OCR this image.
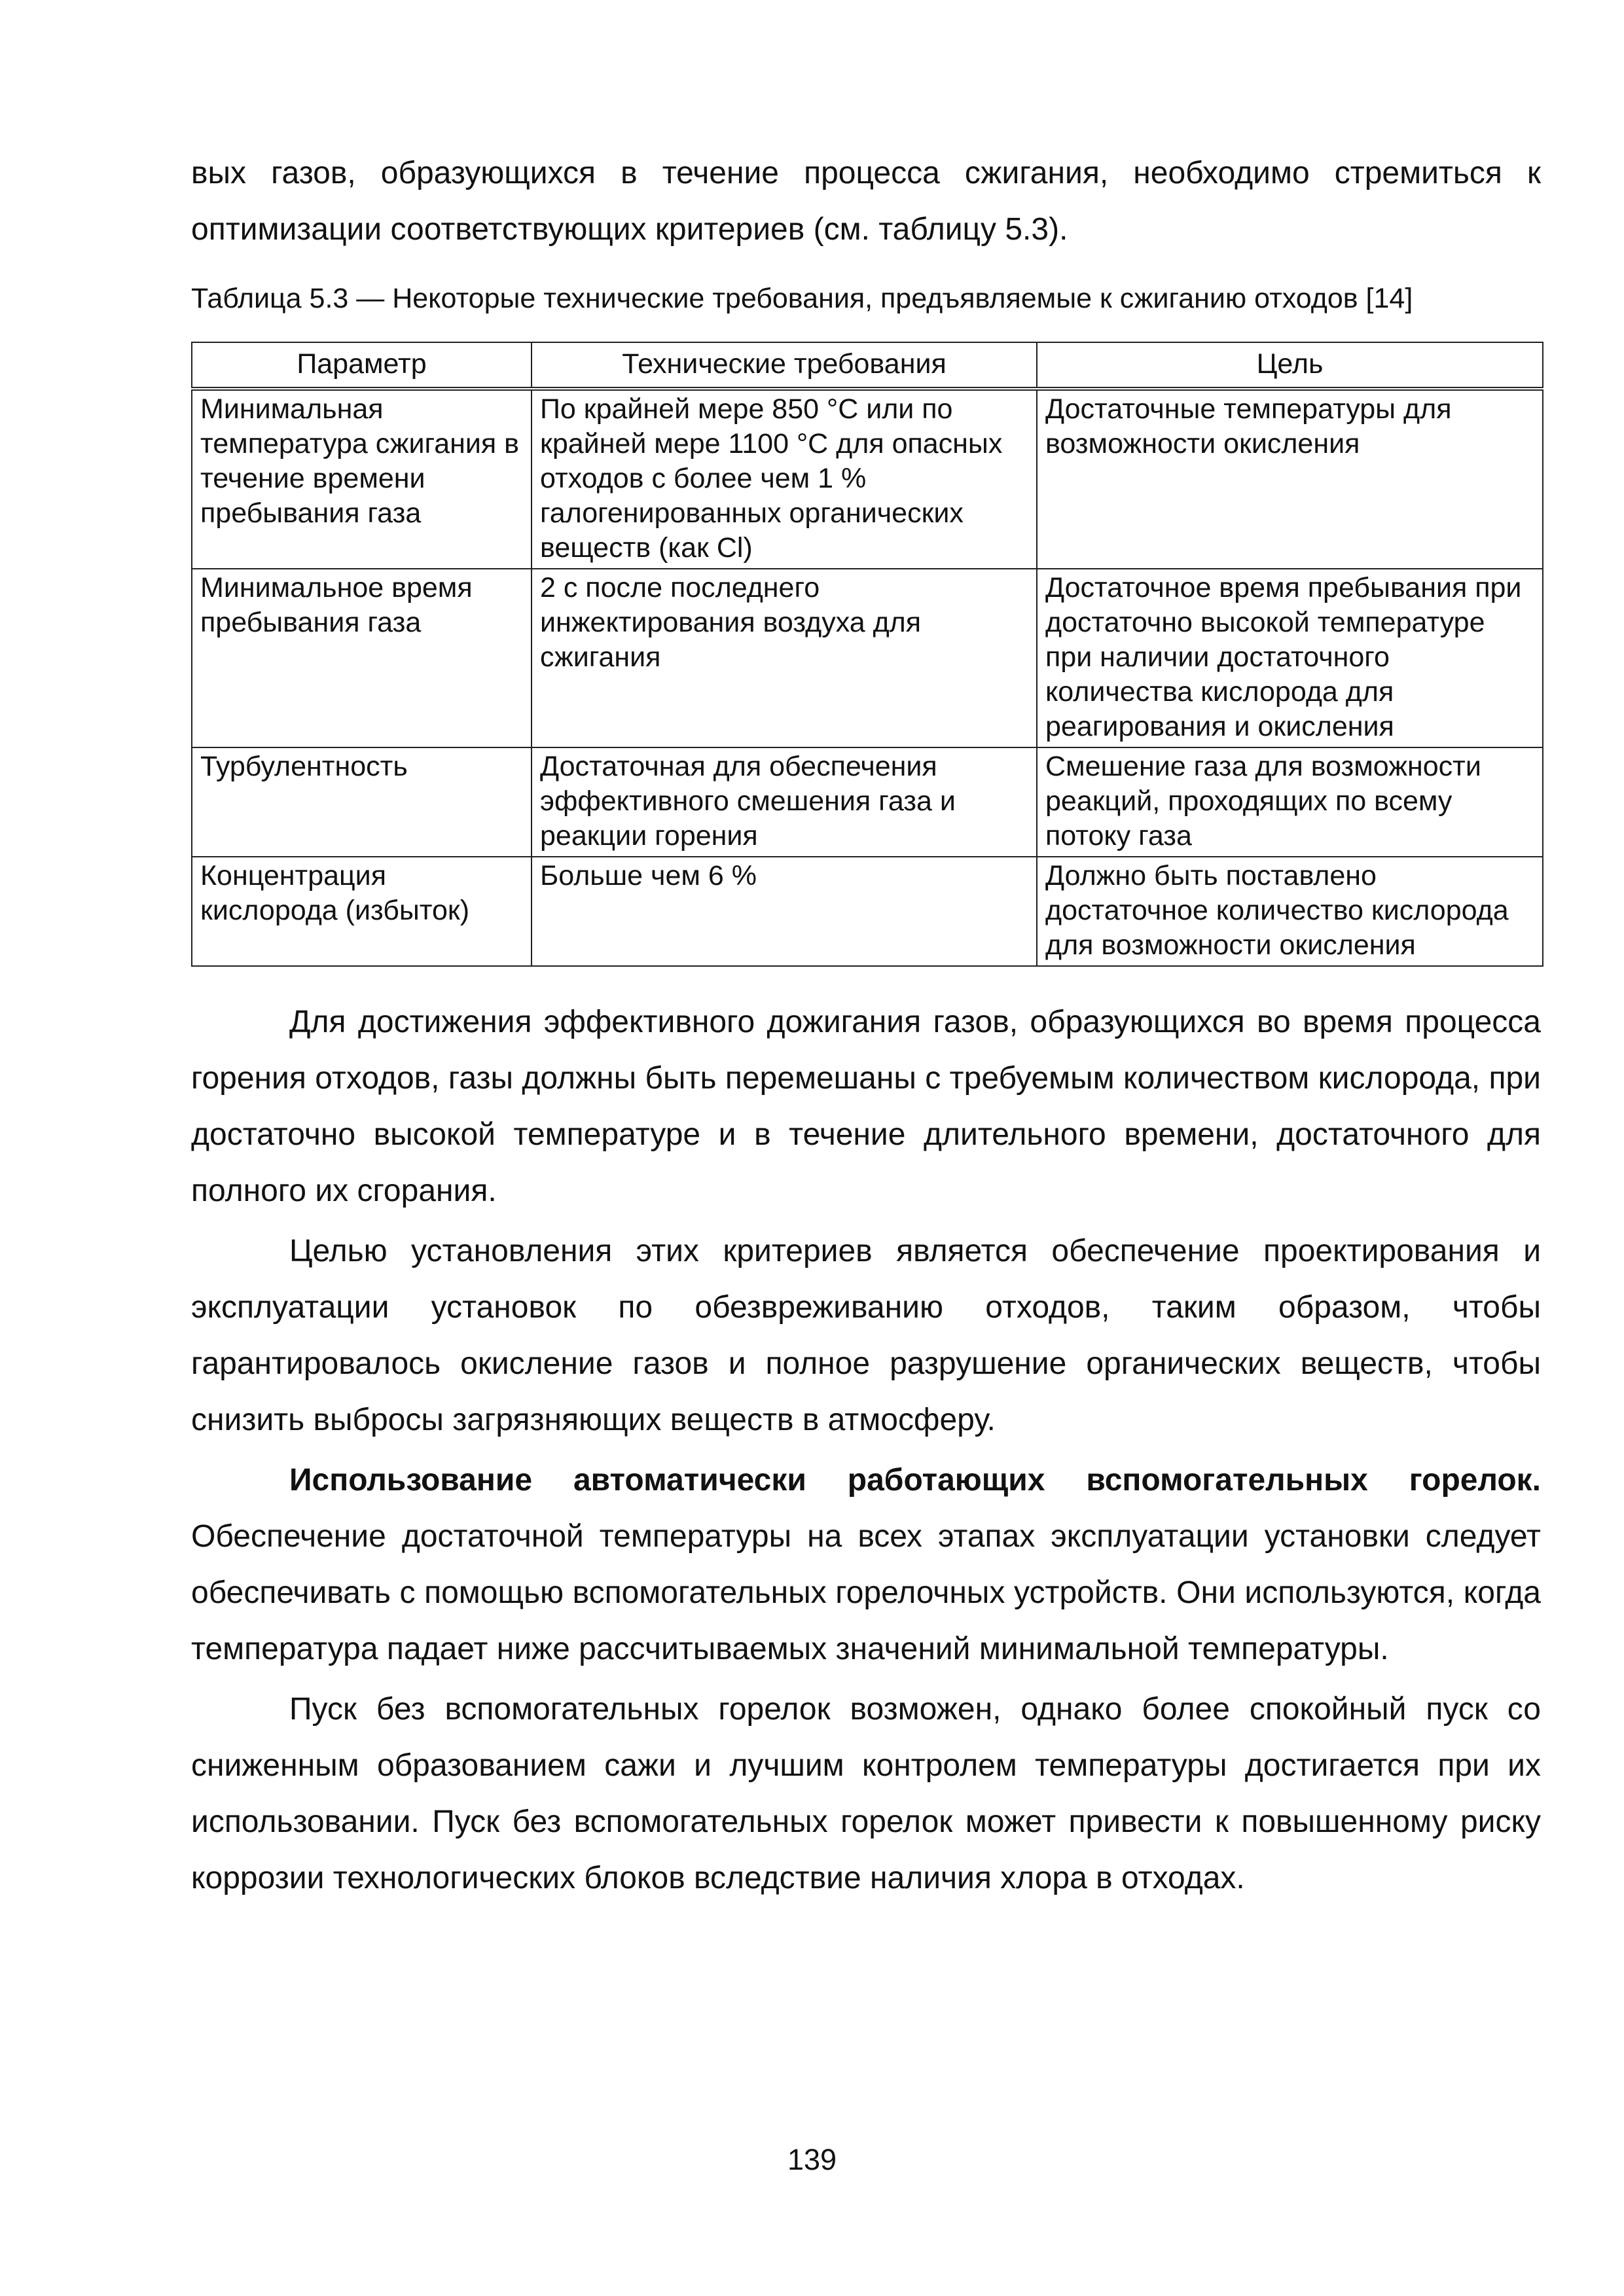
вых газов, образующихся в течение процесса сжигания, необходимо стремиться к оптимизации соответствующих критериев (см. таблицу 5.3).

Таблица 5.3 — Некоторые технические требования, предъявляемые к сжиганию отходов [14]
Параметр	Технические требования	Цель
Минимальная температура сжигания в течение времени пребывания газа	По крайней мере 850 °C или по крайней мере 1100 °C для опасных отходов с более чем 1 % галогенированных органических веществ (как Cl)	Достаточные температуры для возможности окисления
Минимальное время пребывания газа	2 с после последнего инжектирования воздуха для сжигания	Достаточное время пребывания при достаточно высокой температуре при наличии достаточного количества кислорода для реагирования и окисления
Турбулентность	Достаточная для обеспечения эффективного смешения газа и реакции горения	Смешение газа для возможности реакций, проходящих по всему потоку газа
Концентрация кислорода (избыток)	Больше чем 6 %	Должно быть поставлено достаточное количество кислорода для возможности окисления

Для достижения эффективного дожигания газов, образующихся во время процесса горения отходов, газы должны быть перемешаны с требуемым количеством кислорода, при достаточно высокой температуре и в течение длительного времени, достаточного для полного их сгорания.

Целью установления этих критериев является обеспечение проектирования и эксплуатации установок по обезвреживанию отходов, таким образом, чтобы гарантировалось окисление газов и полное разрушение органических веществ, чтобы снизить выбросы загрязняющих веществ в атмосферу.

Использование автоматически работающих вспомогательных горелок. Обеспечение достаточной температуры на всех этапах эксплуатации установки следует обеспечивать с помощью вспомогательных горелочных устройств. Они используются, когда температура падает ниже рассчитываемых значений минимальной температуры.

Пуск без вспомогательных горелок возможен, однако более спокойный пуск со сниженным образованием сажи и лучшим контролем температуры достигается при их использовании. Пуск без вспомогательных горелок может привести к повышенному риску коррозии технологических блоков вследствие наличия хлора в отходах.

139
